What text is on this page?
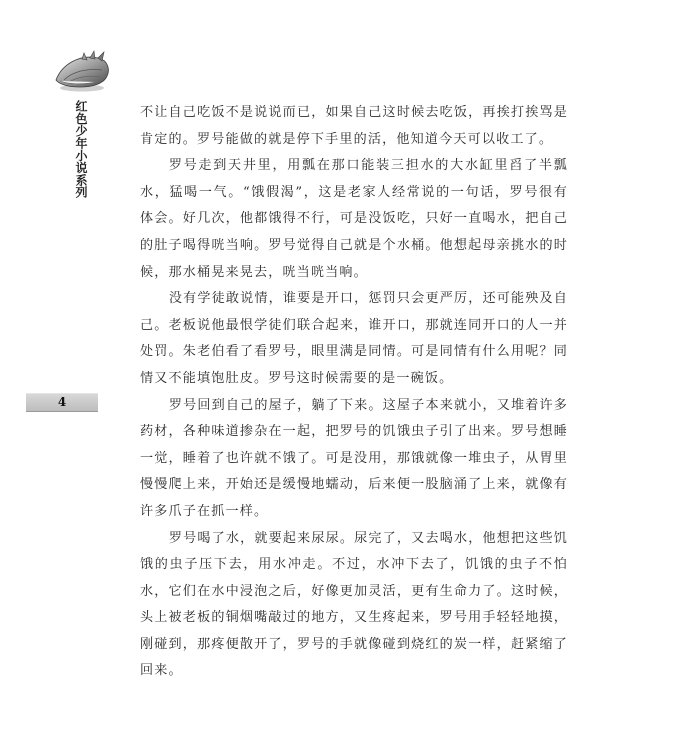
红色少年小说系列
4

不让自己吃饭不是说说而已，如果自己这时候去吃饭，再挨打挨骂是肯定的。罗号能做的就是停下手里的活，他知道今天可以收工了。

罗号走到天井里，用瓢在那口能装三担水的大水缸里舀了半瓢水，猛喝一气。“饿假渴”，这是老家人经常说的一句话，罗号很有体会。好几次，他都饿得不行，可是没饭吃，只好一直喝水，把自己的肚子喝得咣当响。罗号觉得自己就是个水桶。他想起母亲挑水的时候，那水桶晃来晃去，咣当咣当响。

没有学徒敢说情，谁要是开口，惩罚只会更严厉，还可能殃及自己。老板说他最恨学徒们联合起来，谁开口，那就连同开口的人一并处罚。朱老伯看了看罗号，眼里满是同情。可是同情有什么用呢？同情又不能填饱肚皮。罗号这时候需要的是一碗饭。

罗号回到自己的屋子，躺了下来。这屋子本来就小，又堆着许多药材，各种味道掺杂在一起，把罗号的饥饿虫子引了出来。罗号想睡一觉，睡着了也许就不饿了。可是没用，那饿就像一堆虫子，从胃里慢慢爬上来，开始还是缓慢地蠕动，后来便一股脑涌了上来，就像有许多爪子在抓一样。

罗号喝了水，就要起来尿尿。尿完了，又去喝水，他想把这些饥饿的虫子压下去，用水冲走。不过，水冲下去了，饥饿的虫子不怕水，它们在水中浸泡之后，好像更加灵活，更有生命力了。这时候，头上被老板的铜烟嘴敲过的地方，又生疼起来，罗号用手轻轻地摸，刚碰到，那疼便散开了，罗号的手就像碰到烧红的炭一样，赶紧缩了回来。
